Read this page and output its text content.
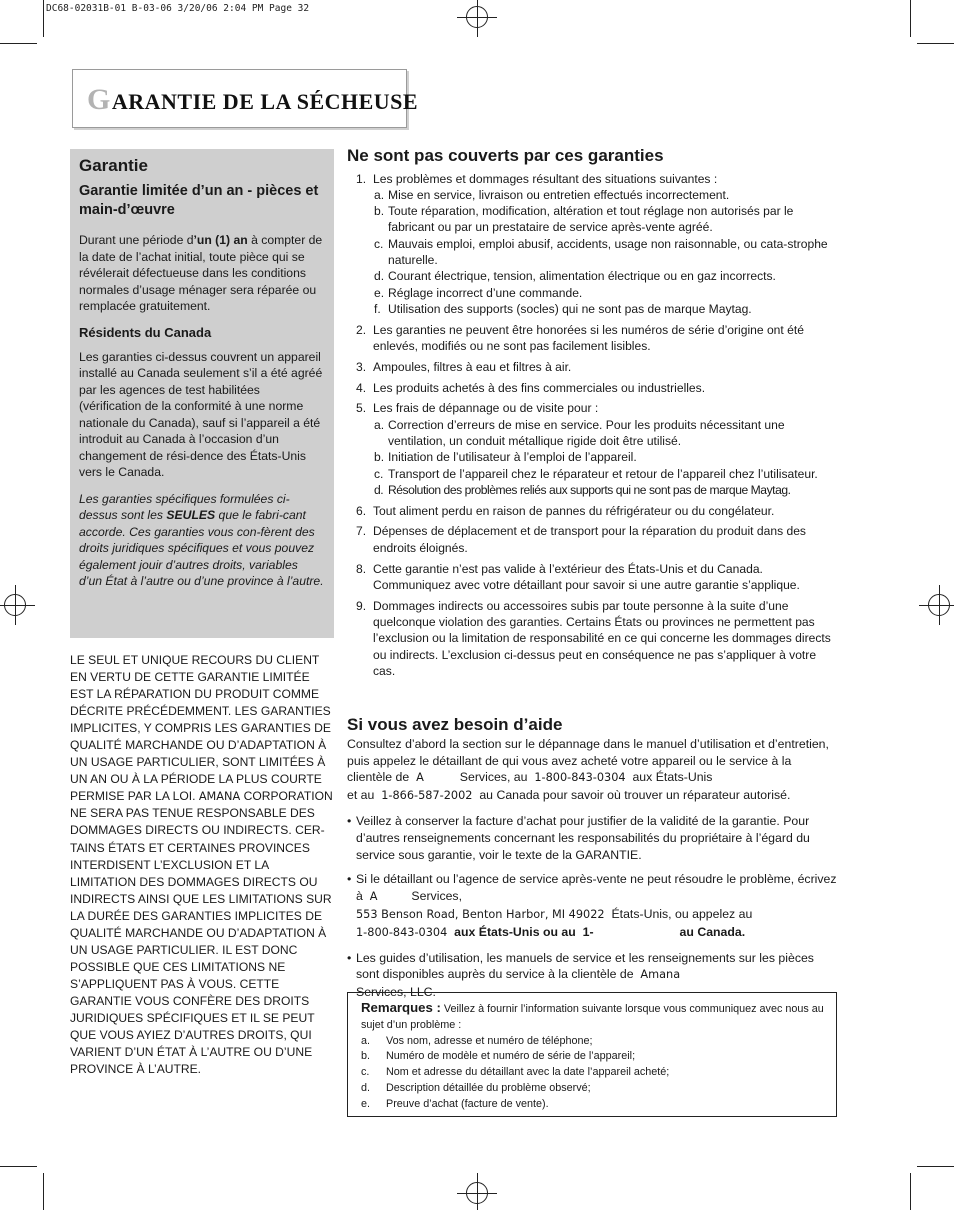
DC68-02031B-01 B-03-06 3/20/06 2:04 PM Page 32
GARANTIE DE LA SÉCHEUSE
Garantie
Garantie limitée d’un an - pièces et main-d’œuvre

Durant une période d’un (1) an à compter de la date de l’achat initial, toute pièce qui se révélerait défectueuse dans les conditions normales d’usage ménager sera réparée ou remplacée gratuitement.

Résidents du Canada

Les garanties ci-dessus couvrent un appareil installé au Canada seulement s’il a été agréé par les agences de test habilitées (vérification de la conformité à une norme nationale du Canada), sauf si l’appareil a été introduit au Canada à l’occasion d’un changement de rési-dence des États-Unis vers le Canada.

Les garanties spécifiques formulées ci-dessus sont les SEULES que le fabri-cant accorde. Ces garanties vous con-fèrent des droits juridiques spécifiques et vous pouvez également jouir d’autres droits, variables d’un État à l’autre ou d’une province à l’autre.

LE SEUL ET UNIQUE RECOURS DU CLIENT EN VERTU DE CETTE GARANTIE LIMITÉE EST LA RÉPARATION DU PRODUIT COMME DÉCRITE PRÉCÉDEMMENT. LES GARANTIES IMPLICITES, Y COMPRIS LES GARANTIES DE QUALITÉ MARCHANDE OU D’ADAPTATION À UN USAGE PARTICULIER, SONT LIMITÉES À UN AN OU À LA PÉRIODE LA PLUS COURTE PERMISE PAR LA LOI. AMANA CORPORATION NE SERA PAS TENUE RESPONSABLE DES DOMMAGES DIRECTS OU INDIRECTS. CER-TAINS ÉTATS ET CERTAINES PROVINCES INTERDISENT L’EXCLUSION ET LA LIMITATION DES DOMMAGES DIRECTS OU INDIRECTS AINSI QUE LES LIMITATIONS SUR LA DURÉE DES GARANTIES IMPLICITES DE QUALITÉ MARCHANDE OU D’ADAPTATION À UN USAGE PARTICULIER. IL EST DONC POSSIBLE QUE CES LIMITATIONS NE S’APPLIQUENT PAS À VOUS. CETTE GARANTIE VOUS CONFÈRE DES DROITS JURIDIQUES SPÉCIFIQUES ET IL SE PEUT QUE VOUS AYIEZ D’AUTRES DROITS, QUI VARIENT D’UN ÉTAT À L’AUTRE OU D’UNE PROVINCE À L’AUTRE.
Ne sont pas couverts par ces garanties
1. Les problèmes et dommages résultant des situations suivantes :
a. Mise en service, livraison ou entretien effectués incorrectement.
b. Toute réparation, modification, altération et tout réglage non autorisés par le fabricant ou par un prestataire de service après-vente agréé.
c. Mauvais emploi, emploi abusif, accidents, usage non raisonnable, ou cata-strophe naturelle.
d. Courant électrique, tension, alimentation électrique ou en gaz incorrects.
e. Réglage incorrect d’une commande.
f. Utilisation des supports (socles) qui ne sont pas de marque Maytag.
2. Les garanties ne peuvent être honorées si les numéros de série d’origine ont été enlevés, modifiés ou ne sont pas facilement lisibles.
3. Ampoules, filtres à eau et filtres à air.
4. Les produits achetés à des fins commerciales ou industrielles.
5. Les frais de dépannage ou de visite pour :
a. Correction d’erreurs de mise en service. Pour les produits nécessitant une ventilation, un conduit métallique rigide doit être utilisé.
b. Initiation de l’utilisateur à l’emploi de l’appareil.
c. Transport de l’appareil chez le réparateur et retour de l’appareil chez l’utilisateur.
d. Résolution des problèmes reliés aux supports qui ne sont pas de marque Maytag.
6. Tout aliment perdu en raison de pannes du réfrigérateur ou du congélateur.
7. Dépenses de déplacement et de transport pour la réparation du produit dans des endroits éloignés.
8. Cette garantie n’est pas valide à l’extérieur des États-Unis et du Canada. Communiquez avec votre détaillant pour savoir si une autre garantie s’applique.
9. Dommages indirects ou accessoires subis par toute personne à la suite d’une quelconque violation des garanties. Certains États ou provinces ne permettent pas l’exclusion ou la limitation de responsabilité en ce qui concerne les dommages directs ou indirects. L’exclusion ci-dessus peut en conséquence ne pas s’appliquer à votre cas.
Si vous avez besoin d’aide

Consultez d’abord la section sur le dépannage dans le manuel d’utilisation et d’entretien, puis appelez le détaillant de qui vous avez acheté votre appareil ou le service à la clientèle de A	Services, au 1-800-843-0304 aux États-Unis
et au 1-866-587-2002 au Canada pour savoir où trouver un réparateur autorisé.

• Veillez à conserver la facture d’achat pour justifier de la validité de la garantie. Pour d’autres renseignements concernant les responsabilités du propriétaire à l’égard du service sous garantie, voir le texte de la GARANTIE.

• Si le détaillant ou l’agence de service après-vente ne peut résoudre le problème, écrivez à A	Services,
553 Benson Road, Benton Harbor, MI 49022 États-Unis, ou appelez au
1-800-843-0304 aux États-Unis ou au 1-	au Canada.

• Les guides d’utilisation, les manuels de service et les renseignements sur les pièces sont disponibles auprès du service à la clientèle de Amana
Services, LLC.

Remarques : Veillez à fournir l’information suivante lorsque vous communiquez avec nous au sujet d’un problème :
a. Vos nom, adresse et numéro de téléphone;
b. Numéro de modèle et numéro de série de l’appareil;
c. Nom et adresse du détaillant avec la date l’appareil acheté;
d. Description détaillée du problème observé;
e. Preuve d’achat (facture de vente).
